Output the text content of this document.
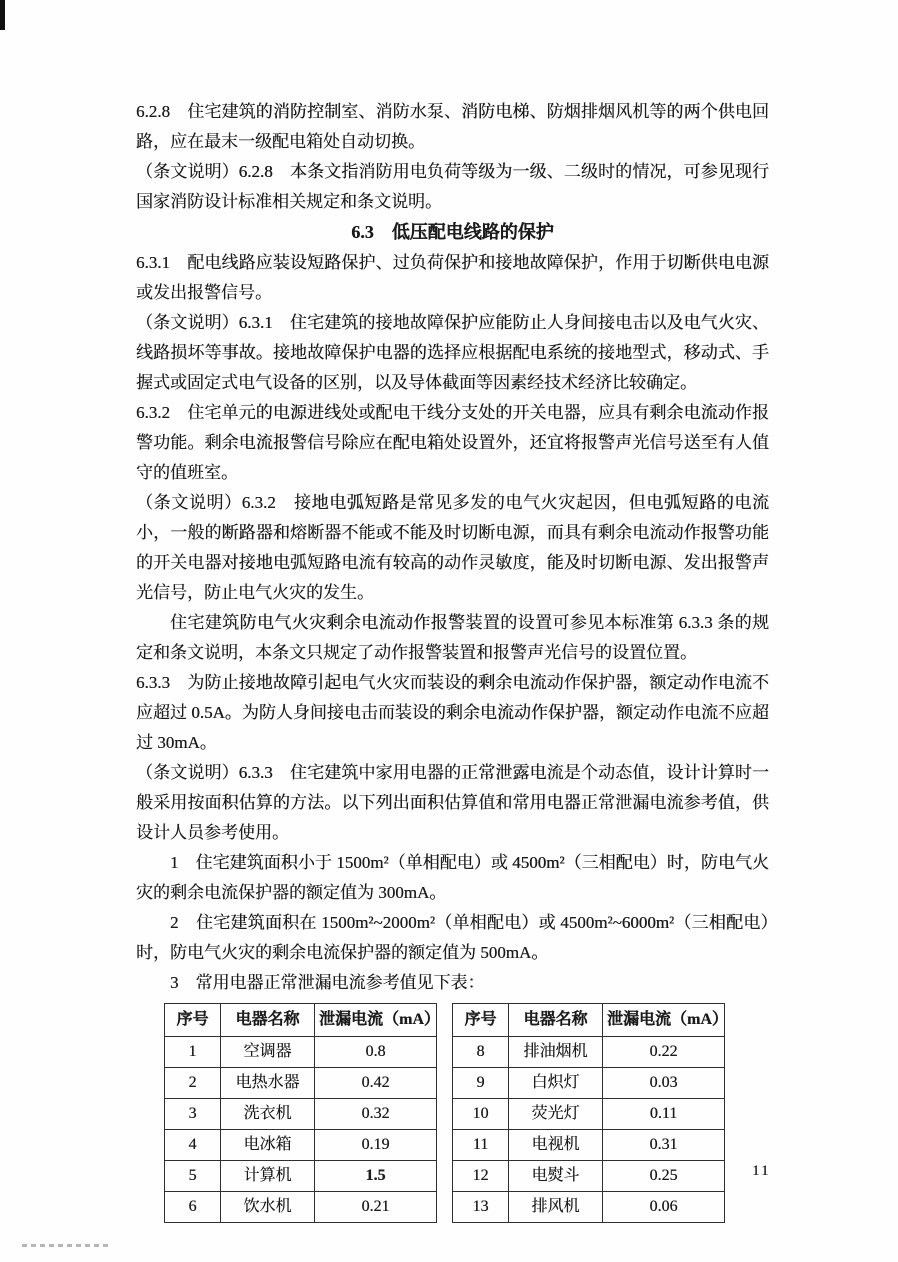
6.2.8　住宅建筑的消防控制室、消防水泵、消防电梯、防烟排烟风机等的两个供电回路，应在最末一级配电箱处自动切换。

（条文说明）6.2.8　本条文指消防用电负荷等级为一级、二级时的情况，可参见现行国家消防设计标准相关规定和条文说明。

6.3　低压配电线路的保护

6.3.1　配电线路应装设短路保护、过负荷保护和接地故障保护，作用于切断供电电源或发出报警信号。

（条文说明）6.3.1　住宅建筑的接地故障保护应能防止人身间接电击以及电气火灾、线路损坏等事故。接地故障保护电器的选择应根据配电系统的接地型式，移动式、手握式或固定式电气设备的区别，以及导体截面等因素经技术经济比较确定。

6.3.2　住宅单元的电源进线处或配电干线分支处的开关电器，应具有剩余电流动作报警功能。剩余电流报警信号除应在配电箱处设置外，还宜将报警声光信号送至有人值守的值班室。

（条文说明）6.3.2　接地电弧短路是常见多发的电气火灾起因，但电弧短路的电流小，一般的断路器和熔断器不能或不能及时切断电源，而具有剩余电流动作报警功能的开关电器对接地电弧短路电流有较高的动作灵敏度，能及时切断电源、发出报警声光信号，防止电气火灾的发生。

住宅建筑防电气火灾剩余电流动作报警装置的设置可参见本标准第 6.3.3 条的规定和条文说明，本条文只规定了动作报警装置和报警声光信号的设置位置。

6.3.3　为防止接地故障引起电气火灾而装设的剩余电流动作保护器，额定动作电流不应超过 0.5A。为防人身间接电击而装设的剩余电流动作保护器，额定动作电流不应超过 30mA。

（条文说明）6.3.3　住宅建筑中家用电器的正常泄露电流是个动态值，设计计算时一般采用按面积估算的方法。以下列出面积估算值和常用电器正常泄漏电流参考值，供设计人员参考使用。

1　住宅建筑面积小于 1500m²（单相配电）或 4500m²（三相配电）时，防电气火灾的剩余电流保护器的额定值为 300mA。

2　住宅建筑面积在 1500m²~2000m²（单相配电）或 4500m²~6000m²（三相配电）时，防电气火灾的剩余电流保护器的额定值为 500mA。

3　常用电器正常泄漏电流参考值见下表：

序号	电器名称	泄漏电流（mA）
1	空调器	0.8
2	电热水器	0.42
3	洗衣机	0.32
4	电冰箱	0.19
5	计算机	1.5
6	饮水机	0.21
序号	电器名称	泄漏电流（mA）
8	排油烟机	0.22
9	白炽灯	0.03
10	荧光灯	0.11
11	电视机	0.31
12	电熨斗	0.25
13	排风机	0.06
11
